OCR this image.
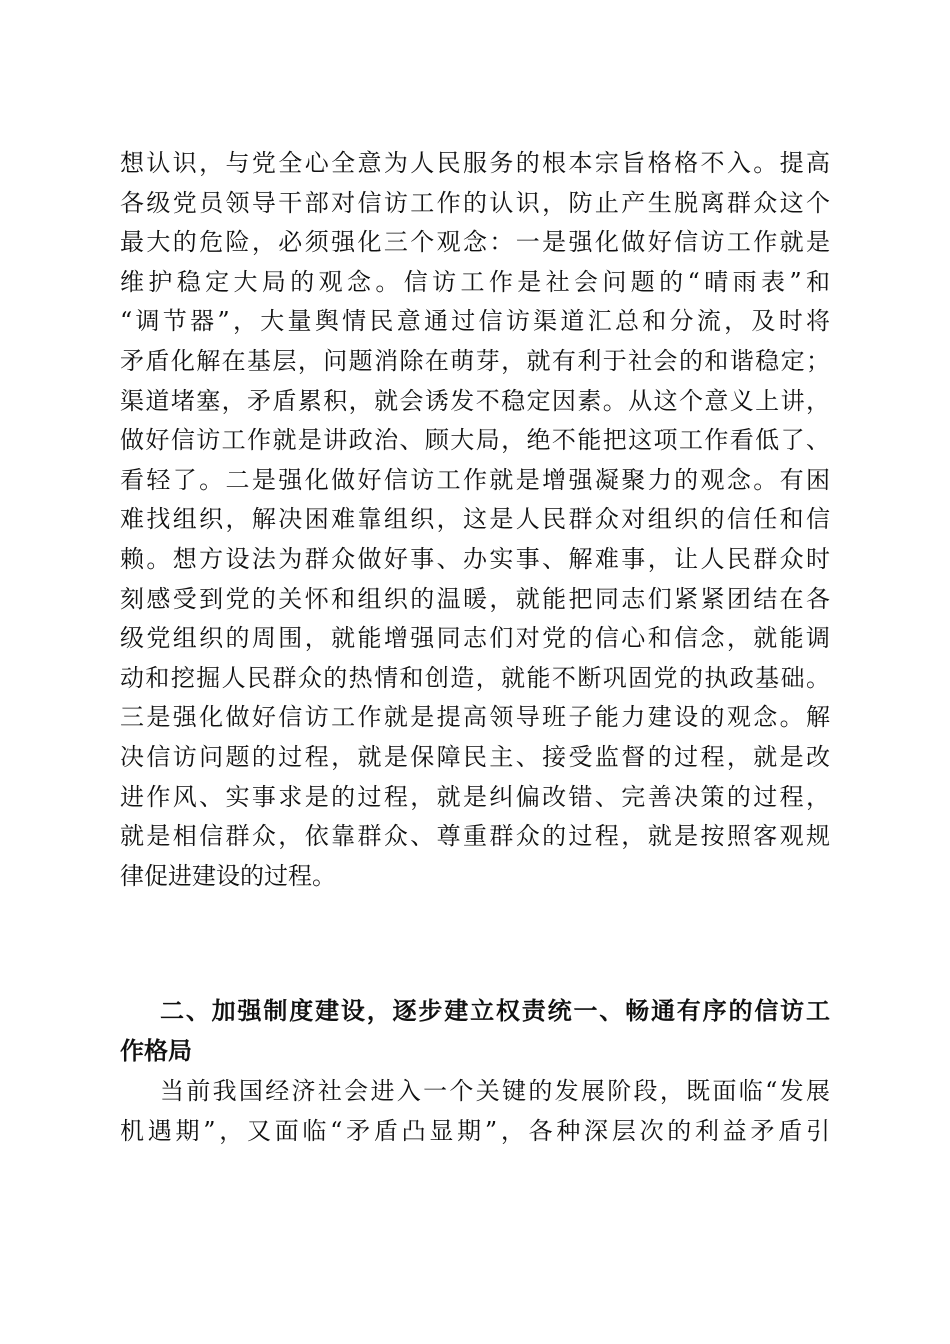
想认识，与党全心全意为人民服务的根本宗旨格格不入。提高
各级党员领导干部对信访工作的认识，防止产生脱离群众这个
最大的危险，必须强化三个观念：一是强化做好信访工作就是
维护稳定大局的观念。信访工作是社会问题的“晴雨表”和
“调节器”，大量舆情民意通过信访渠道汇总和分流，及时将
矛盾化解在基层，问题消除在萌芽，就有利于社会的和谐稳定；
渠道堵塞，矛盾累积，就会诱发不稳定因素。从这个意义上讲，
做好信访工作就是讲政治、顾大局，绝不能把这项工作看低了、
看轻了。二是强化做好信访工作就是增强凝聚力的观念。有困
难找组织，解决困难靠组织，这是人民群众对组织的信任和信
赖。想方设法为群众做好事、办实事、解难事，让人民群众时
刻感受到党的关怀和组织的温暖，就能把同志们紧紧团结在各
级党组织的周围，就能增强同志们对党的信心和信念，就能调
动和挖掘人民群众的热情和创造，就能不断巩固党的执政基础。
三是强化做好信访工作就是提高领导班子能力建设的观念。解
决信访问题的过程，就是保障民主、接受监督的过程，就是改
进作风、实事求是的过程，就是纠偏改错、完善决策的过程，
就是相信群众，依靠群众、尊重群众的过程，就是按照客观规
律促进建设的过程。
二、加强制度建设，逐步建立权责统一、畅通有序的信访工
作格局
当前我国经济社会进入一个关键的发展阶段，既面临“发展
机遇期”，又面临“矛盾凸显期”，各种深层次的利益矛盾引
